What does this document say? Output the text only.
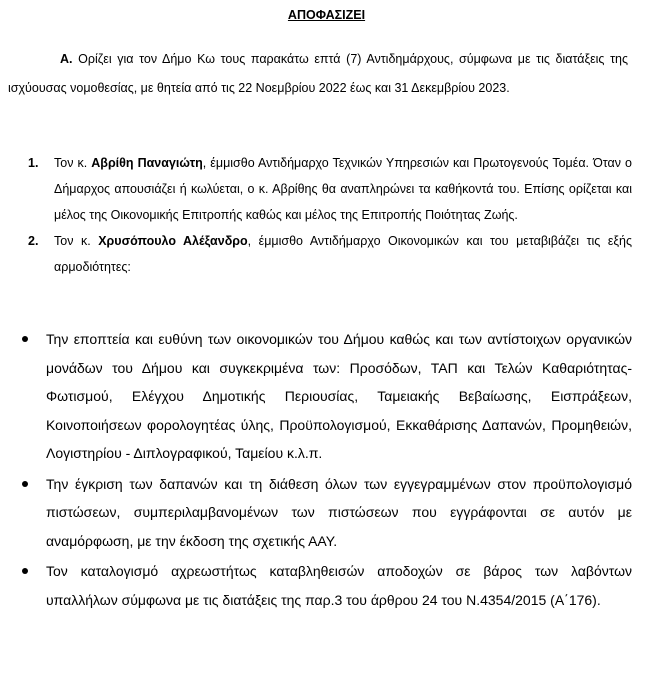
ΑΠΟΦΑΣΙΖΕΙ

Α. Ορίζει για τον Δήμο Κω τους παρακάτω επτά (7) Αντιδημάρχους, σύμφωνα με τις διατάξεις της ισχύουσας νομοθεσίας, με θητεία από τις 22 Νοεμβρίου 2022 έως και 31 Δεκεμβρίου 2023.

1. Τον κ. Αβρίθη Παναγιώτη, έμμισθο Αντιδήμαρχο Τεχνικών Υπηρεσιών και Πρωτογενούς Τομέα. Όταν ο Δήμαρχος απουσιάζει ή κωλύεται, ο κ. Αβρίθης θα αναπληρώνει τα καθήκοντά του. Επίσης ορίζεται και μέλος της Οικονομικής Επιτροπής καθώς και μέλος της Επιτροπής Ποιότητας Ζωής.
2. Τον κ. Χρυσόπουλο Αλέξανδρο, έμμισθο Αντιδήμαρχο Οικονομικών και του μεταβιβάζει τις εξής αρμοδιότητες:
Την εποπτεία και ευθύνη των οικονομικών του Δήμου καθώς και των αντίστοιχων οργανικών μονάδων του Δήμου και συγκεκριμένα των: Προσόδων, ΤΑΠ και Τελών Καθαριότητας-Φωτισμού, Ελέγχου Δημοτικής Περιουσίας, Ταμειακής Βεβαίωσης, Εισπράξεων, Κοινοποιήσεων φορολογητέας ύλης, Προϋπολογισμού, Εκκαθάρισης Δαπανών, Προμηθειών, Λογιστηρίου - Διπλογραφικού, Ταμείου κ.λ.π.
Την έγκριση των δαπανών και τη διάθεση όλων των εγγεγραμμένων στον προϋπολογισμό πιστώσεων, συμπεριλαμβανομένων των πιστώσεων που εγγράφονται σε αυτόν με αναμόρφωση, με την έκδοση της σχετικής ΑΑΥ.
Τον καταλογισμό αχρεωστήτως καταβληθεισών αποδοχών σε βάρος των λαβόντων υπαλλήλων σύμφωνα με τις διατάξεις της παρ.3 του άρθρου 24 του Ν.4354/2015 (Α΄176).
